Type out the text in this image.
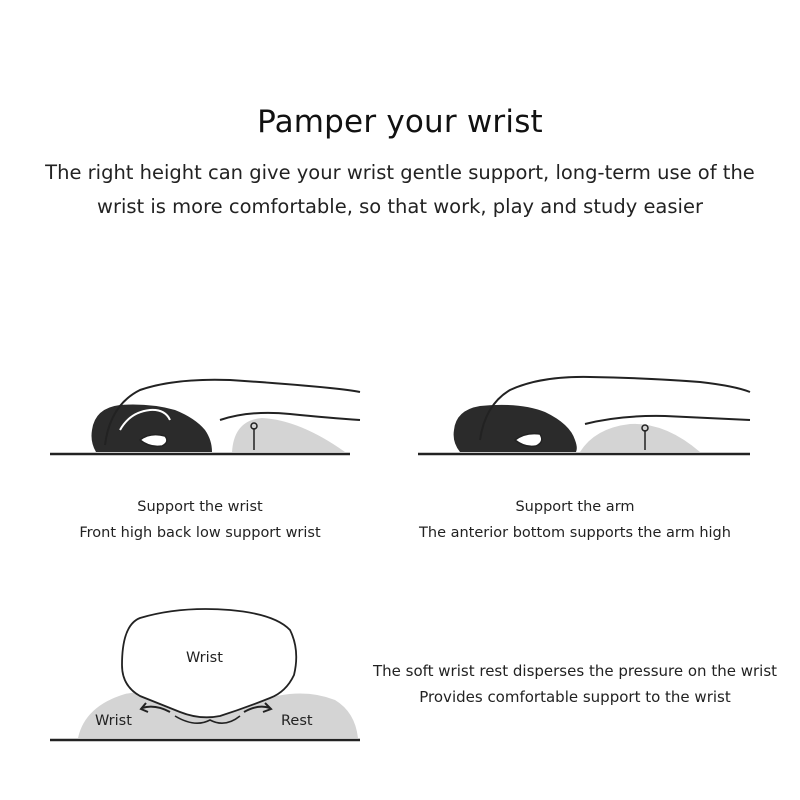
Pamper your wrist
The right height can give your wrist gentle support, long-term use of the
wrist is more comfortable, so that work, play and study easier
Wrist
Wrist	Rest
Support the wrist
Front high back low support wrist
Support the arm
The anterior bottom supports the arm high
The soft wrist rest disperses the pressure on the wrist
Provides comfortable support to the wrist
